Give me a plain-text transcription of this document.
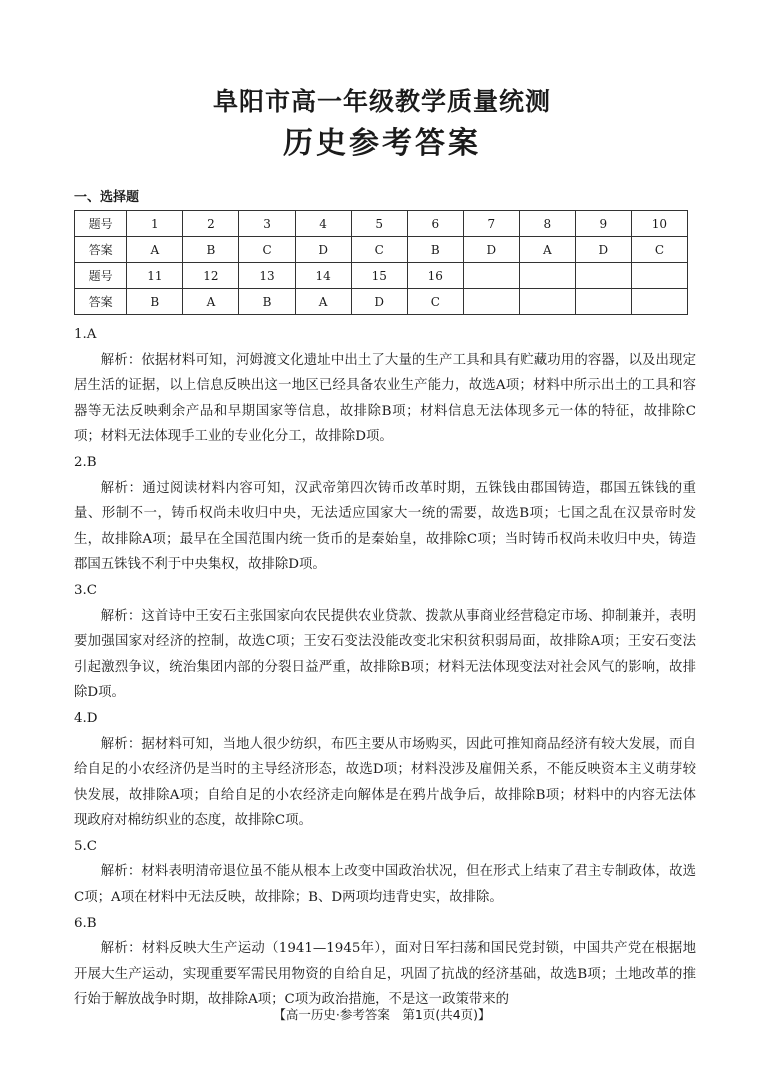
阜阳市高一年级教学质量统测
历史参考答案
一、选择题
题号	1	2	3	4	5	6	7	8	9	10
答案	A	B	C	D	C	B	D	A	D	C
题号	11	12	13	14	15	16				
答案	B	A	B	A	D	C				
1.A

解析：依据材料可知，河姆渡文化遗址中出土了大量的生产工具和具有贮藏功用的容器，以及出现定居生活的证据，以上信息反映出这一地区已经具备农业生产能力，故选A项；材料中所示出土的工具和容器等无法反映剩余产品和早期国家等信息，故排除B项；材料信息无法体现多元一体的特征，故排除C项；材料无法体现手工业的专业化分工，故排除D项。

2.B

解析：通过阅读材料内容可知，汉武帝第四次铸币改革时期，五铢钱由郡国铸造，郡国五铢钱的重量、形制不一，铸币权尚未收归中央，无法适应国家大一统的需要，故选B项；七国之乱在汉景帝时发生，故排除A项；最早在全国范围内统一货币的是秦始皇，故排除C项；当时铸币权尚未收归中央，铸造郡国五铢钱不利于中央集权，故排除D项。

3.C

解析：这首诗中王安石主张国家向农民提供农业贷款、拨款从事商业经营稳定市场、抑制兼并，表明要加强国家对经济的控制，故选C项；王安石变法没能改变北宋积贫积弱局面，故排除A项；王安石变法引起激烈争议，统治集团内部的分裂日益严重，故排除B项；材料无法体现变法对社会风气的影响，故排除D项。

4.D

解析：据材料可知，当地人很少纺织，布匹主要从市场购买，因此可推知商品经济有较大发展，而自给自足的小农经济仍是当时的主导经济形态，故选D项；材料没涉及雇佣关系，不能反映资本主义萌芽较快发展，故排除A项；自给自足的小农经济走向解体是在鸦片战争后，故排除B项；材料中的内容无法体现政府对棉纺织业的态度，故排除C项。

5.C

解析：材料表明清帝退位虽不能从根本上改变中国政治状况，但在形式上结束了君主专制政体，故选C项；A项在材料中无法反映，故排除；B、D两项均违背史实，故排除。

6.B

解析：材料反映大生产运动（1941—1945年），面对日军扫荡和国民党封锁，中国共产党在根据地开展大生产运动，实现重要军需民用物资的自给自足，巩固了抗战的经济基础，故选B项；土地改革的推行始于解放战争时期，故排除A项；C项为政治措施，不是这一政策带来的

【高一历史·参考答案　第1页(共4页)】
